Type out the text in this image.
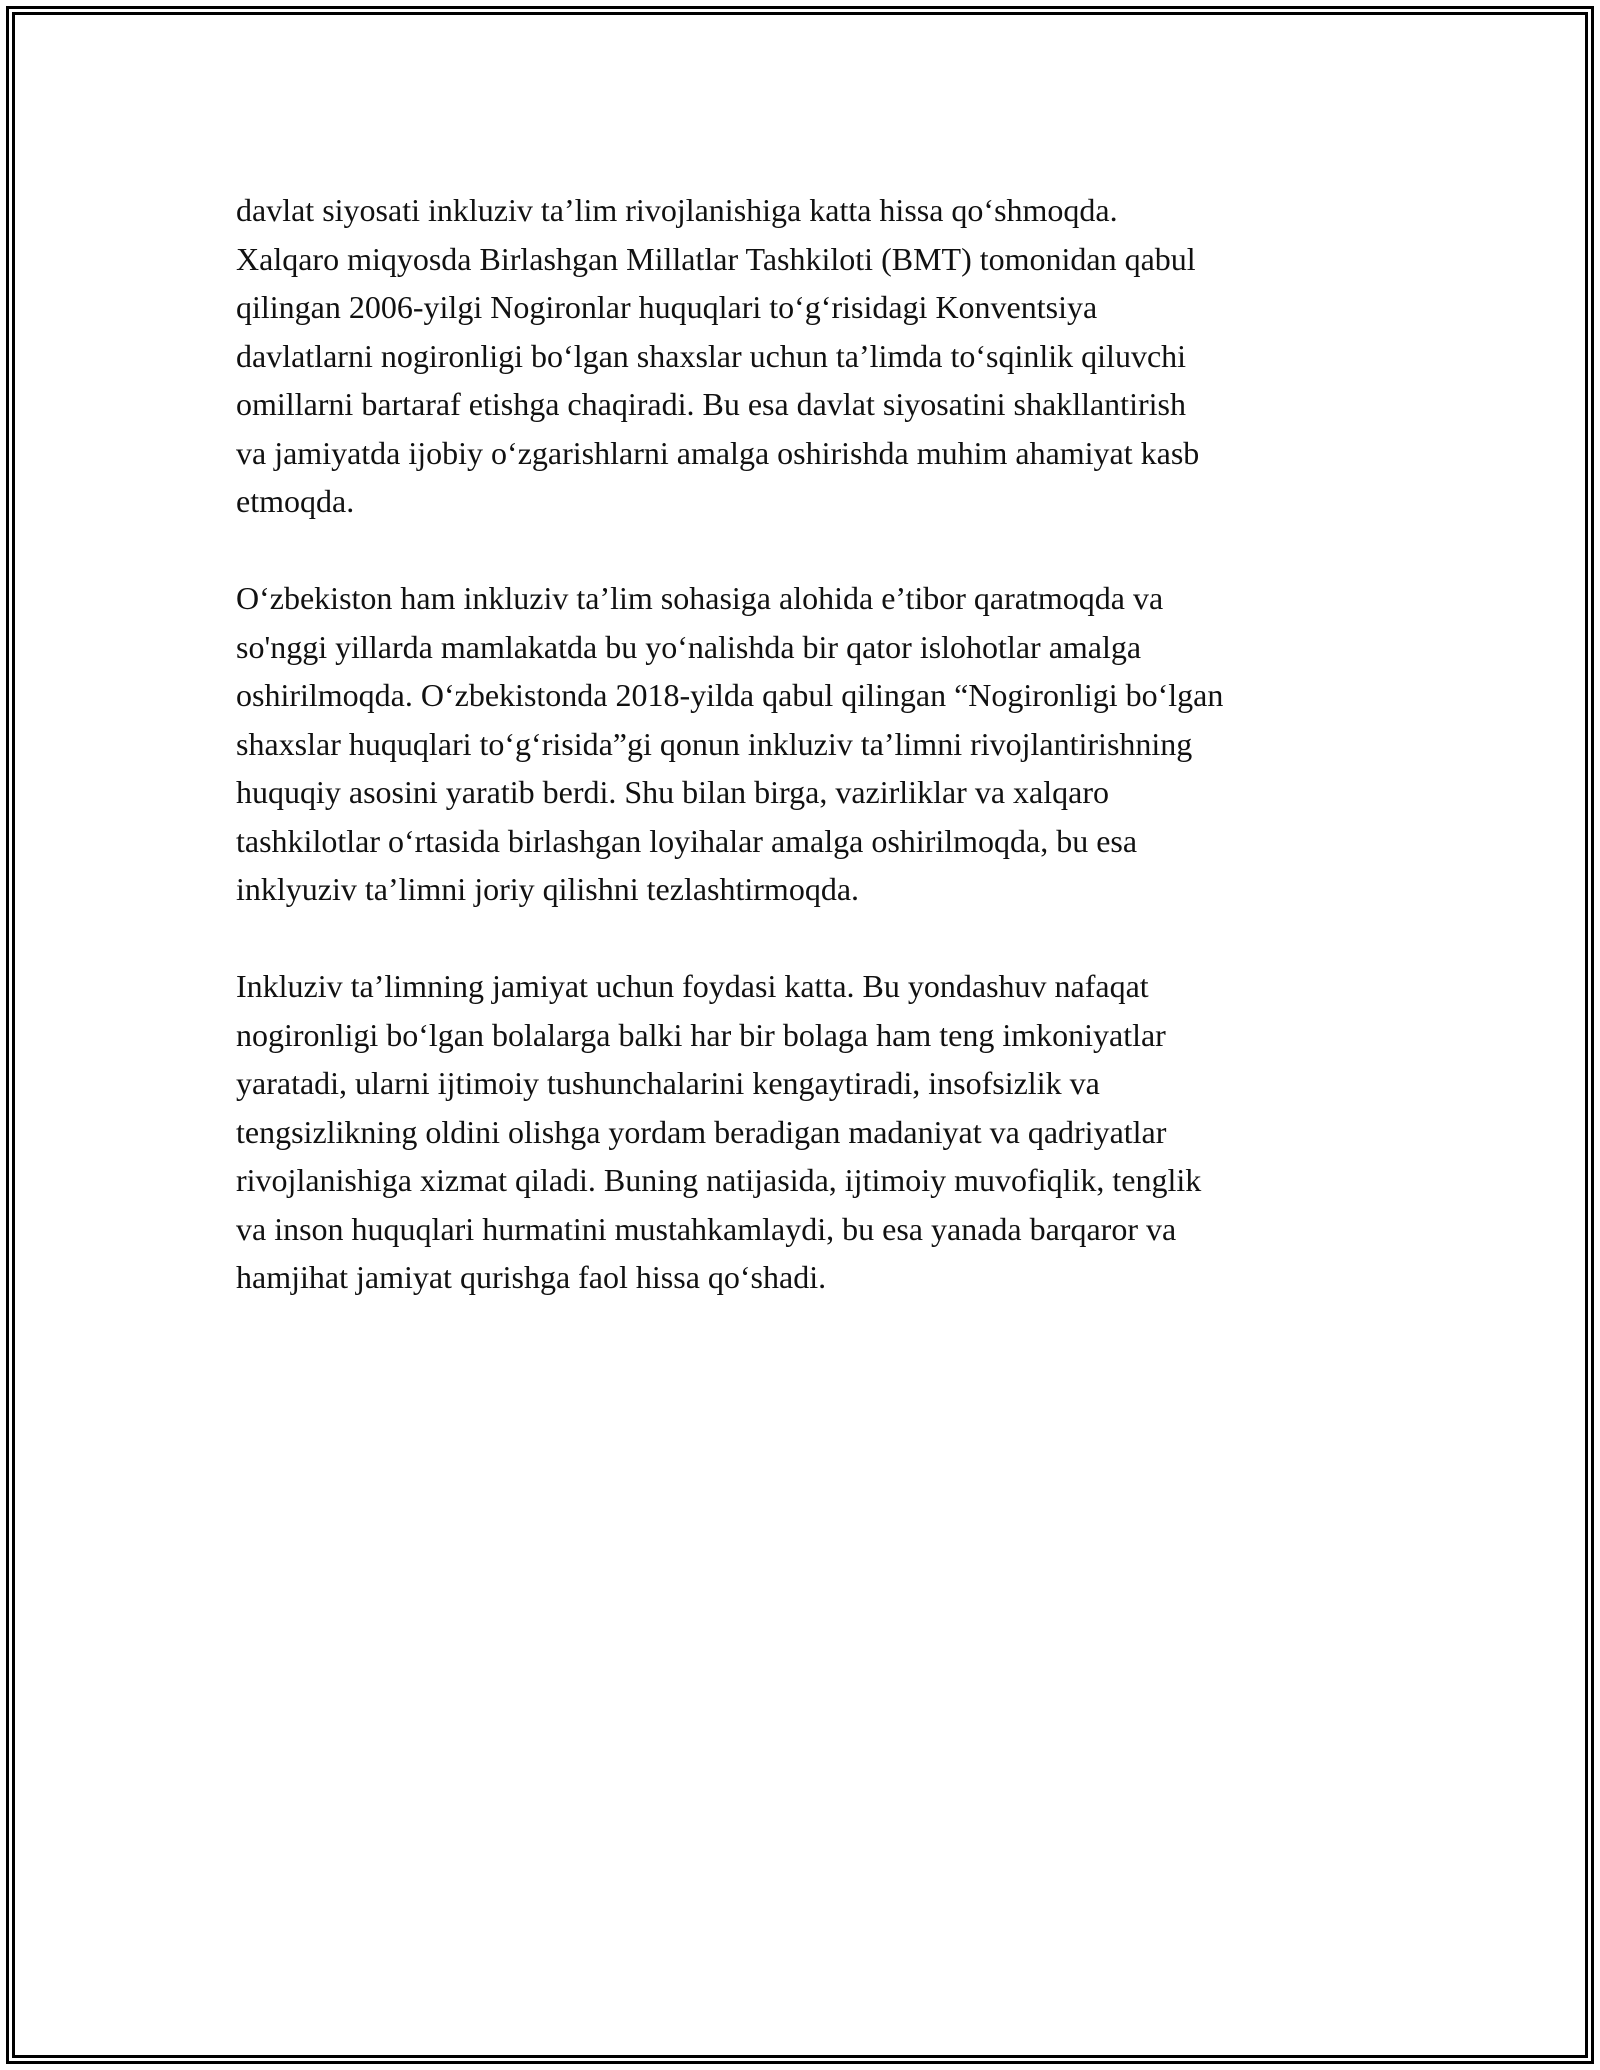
davlat siyosati inkluziv ta’lim rivojlanishiga katta hissa qo‘shmoqda.
Xalqaro miqyosda Birlashgan Millatlar Tashkiloti (BMT) tomonidan qabul
qilingan 2006-yilgi Nogironlar huquqlari to‘g‘risidagi Konventsiya
davlatlarni nogironligi bo‘lgan shaxslar uchun ta’limda to‘sqinlik qiluvchi
omillarni bartaraf etishga chaqiradi. Bu esa davlat siyosatini shakllantirish
va jamiyatda ijobiy o‘zgarishlarni amalga oshirishda muhim ahamiyat kasb
etmoqda.
O‘zbekiston ham inkluziv ta’lim sohasiga alohida e’tibor qaratmoqda va
so'nggi yillarda mamlakatda bu yo‘nalishda bir qator islohotlar amalga
oshirilmoqda. O‘zbekistonda 2018-yilda qabul qilingan “Nogironligi bo‘lgan
shaxslar huquqlari to‘g‘risida”gi qonun inkluziv ta’limni rivojlantirishning
huquqiy asosini yaratib berdi. Shu bilan birga, vazirliklar va xalqaro
tashkilotlar o‘rtasida birlashgan loyihalar amalga oshirilmoqda, bu esa
inklyuziv ta’limni joriy qilishni tezlashtirmoqda.
Inkluziv ta’limning jamiyat uchun foydasi katta. Bu yondashuv nafaqat
nogironligi bo‘lgan bolalarga balki har bir bolaga ham teng imkoniyatlar
yaratadi, ularni ijtimoiy tushunchalarini kengaytiradi, insofsizlik va
tengsizlikning oldini olishga yordam beradigan madaniyat va qadriyatlar
rivojlanishiga xizmat qiladi. Buning natijasida, ijtimoiy muvofiqlik, tenglik
va inson huquqlari hurmatini mustahkamlaydi, bu esa yanada barqaror va
hamjihat jamiyat qurishga faol hissa qo‘shadi.
